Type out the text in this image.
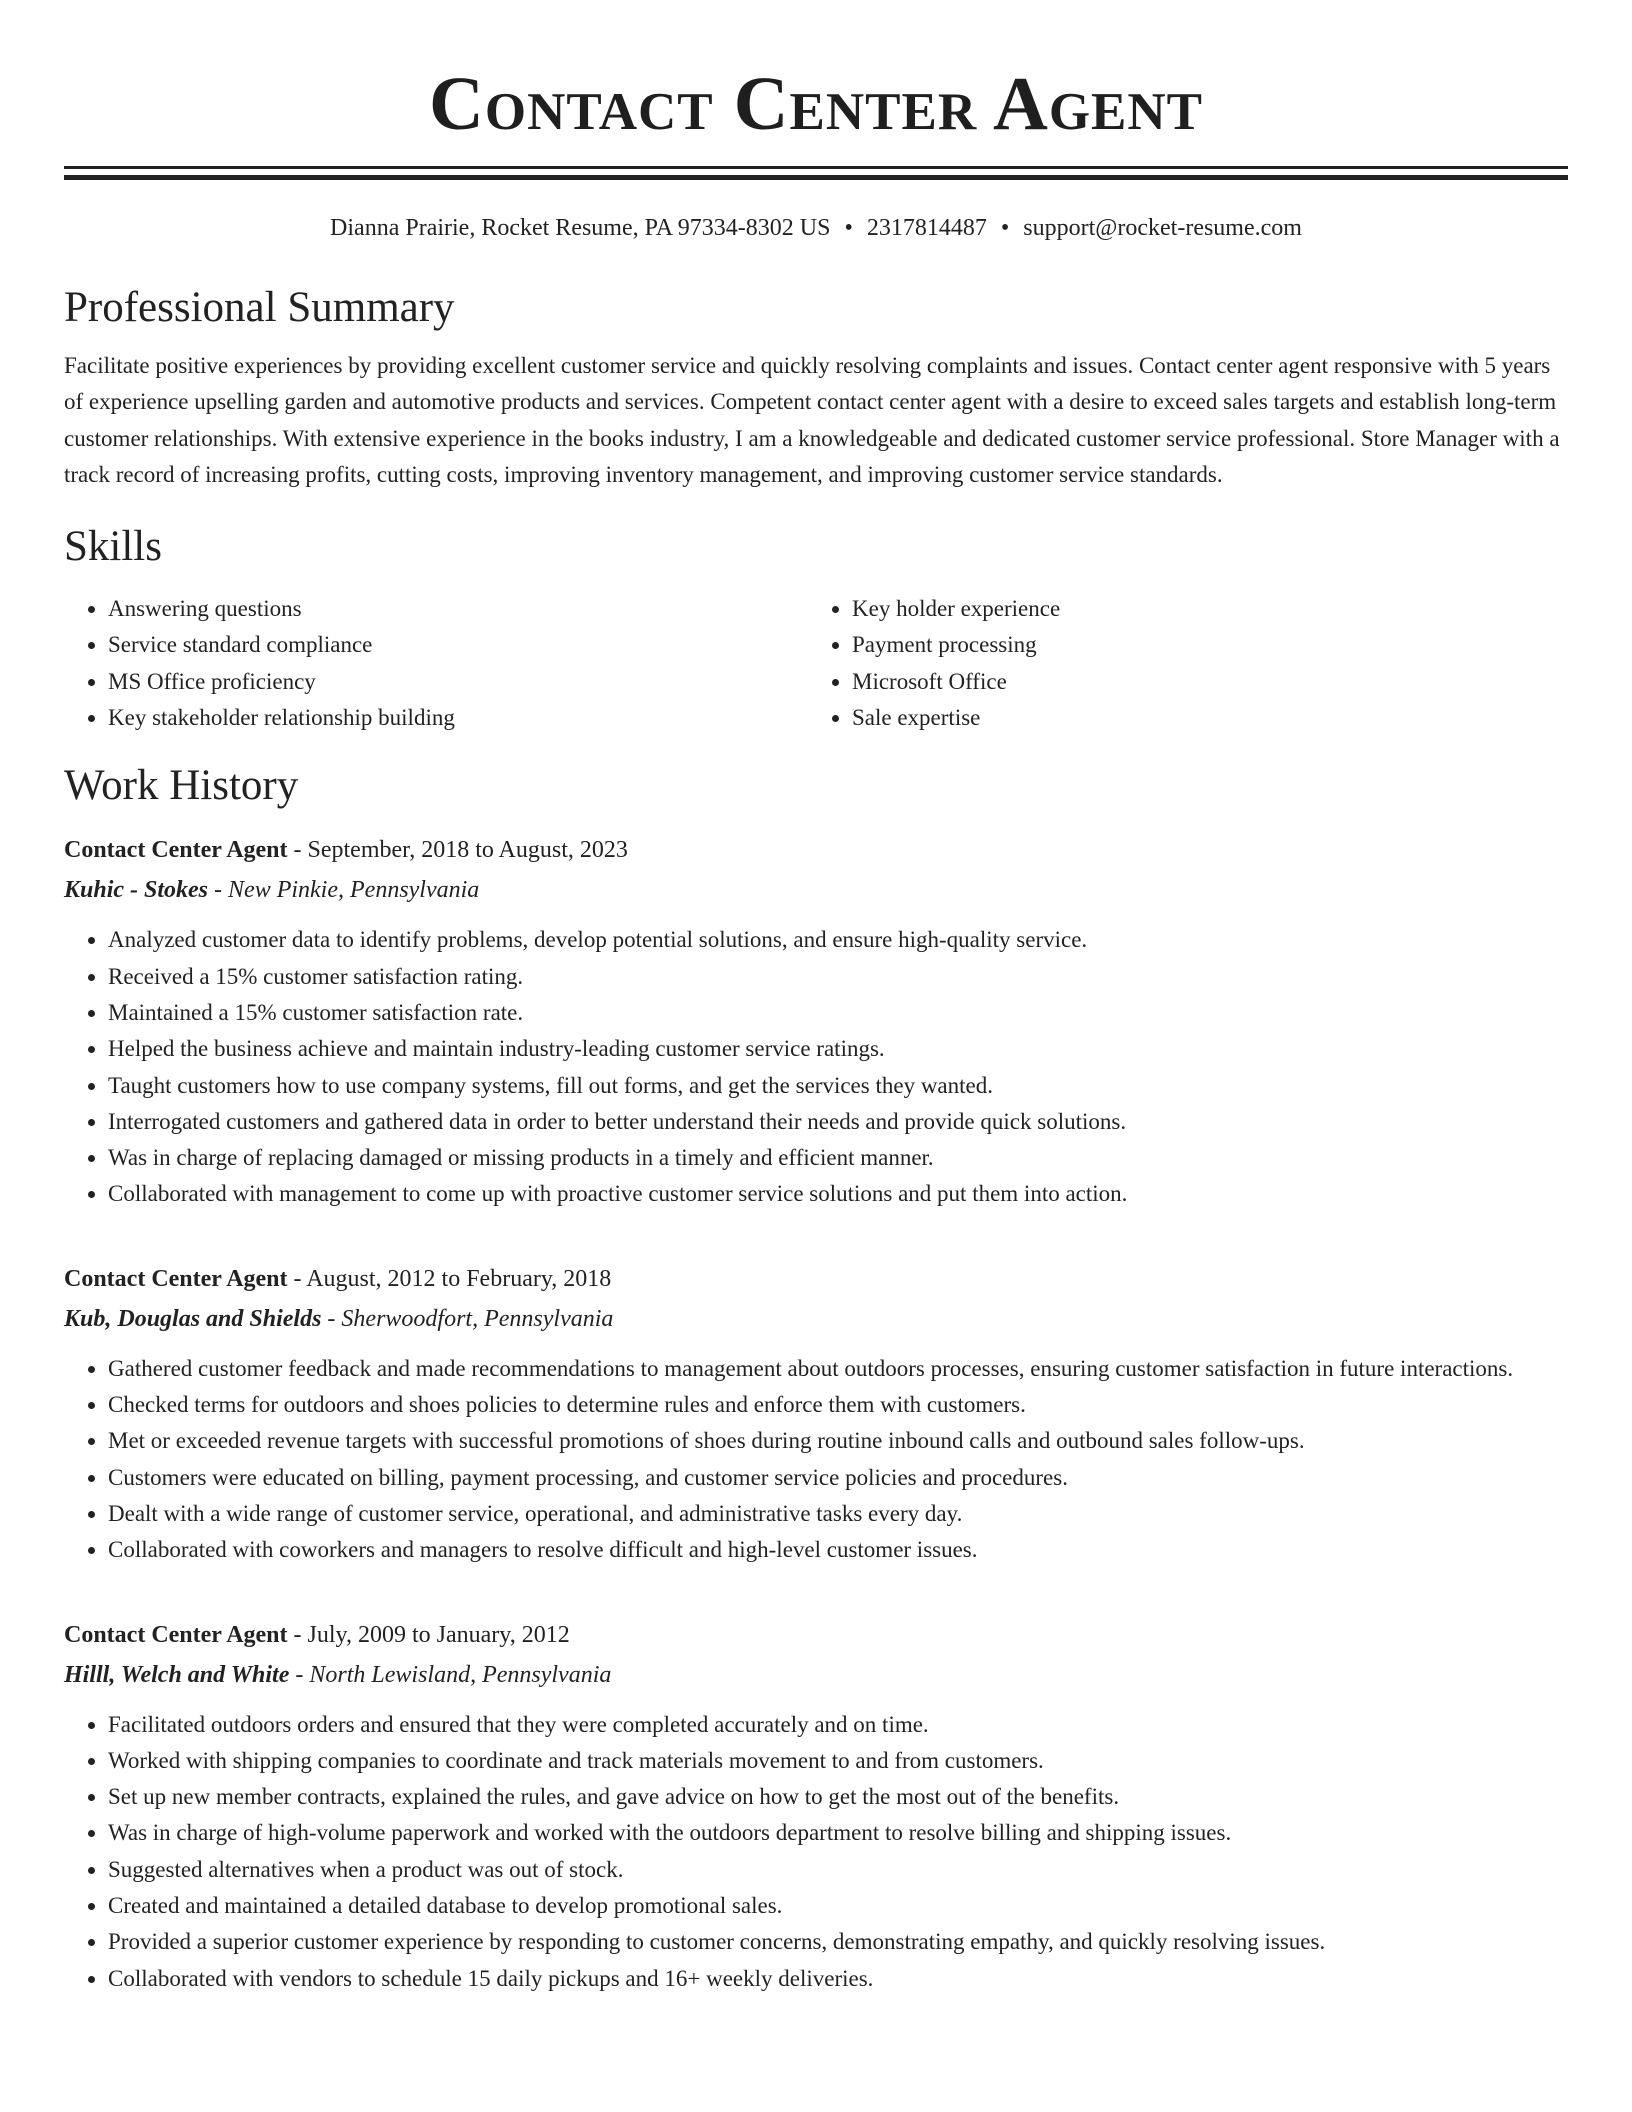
Contact Center Agent
Dianna Prairie, Rocket Resume, PA 97334-8302 US • 2317814487 • support@rocket-resume.com
Professional Summary

Facilitate positive experiences by providing excellent customer service and quickly resolving complaints and issues. Contact center agent responsive with 5 years of experience upselling garden and automotive products and services. Competent contact center agent with a desire to exceed sales targets and establish long-term customer relationships. With extensive experience in the books industry, I am a knowledgeable and dedicated customer service professional. Store Manager with a track record of increasing profits, cutting costs, improving inventory management, and improving customer service standards.

Skills
• Answering questions
• Service standard compliance
• MS Office proficiency
• Key stakeholder relationship building
• Key holder experience
• Payment processing
• Microsoft Office
• Sale expertise
Work History
Contact Center Agent - September, 2018 to August, 2023
Kuhic - Stokes - New Pinkie, Pennsylvania
• Analyzed customer data to identify problems, develop potential solutions, and ensure high-quality service.
• Received a 15% customer satisfaction rating.
• Maintained a 15% customer satisfaction rate.
• Helped the business achieve and maintain industry-leading customer service ratings.
• Taught customers how to use company systems, fill out forms, and get the services they wanted.
• Interrogated customers and gathered data in order to better understand their needs and provide quick solutions.
• Was in charge of replacing damaged or missing products in a timely and efficient manner.
• Collaborated with management to come up with proactive customer service solutions and put them into action.
Contact Center Agent - August, 2012 to February, 2018
Kub, Douglas and Shields - Sherwoodfort, Pennsylvania
• Gathered customer feedback and made recommendations to management about outdoors processes, ensuring customer satisfaction in future interactions.
• Checked terms for outdoors and shoes policies to determine rules and enforce them with customers.
• Met or exceeded revenue targets with successful promotions of shoes during routine inbound calls and outbound sales follow-ups.
• Customers were educated on billing, payment processing, and customer service policies and procedures.
• Dealt with a wide range of customer service, operational, and administrative tasks every day.
• Collaborated with coworkers and managers to resolve difficult and high-level customer issues.
Contact Center Agent - July, 2009 to January, 2012
Hilll, Welch and White - North Lewisland, Pennsylvania
• Facilitated outdoors orders and ensured that they were completed accurately and on time.
• Worked with shipping companies to coordinate and track materials movement to and from customers.
• Set up new member contracts, explained the rules, and gave advice on how to get the most out of the benefits.
• Was in charge of high-volume paperwork and worked with the outdoors department to resolve billing and shipping issues.
• Suggested alternatives when a product was out of stock.
• Created and maintained a detailed database to develop promotional sales.
• Provided a superior customer experience by responding to customer concerns, demonstrating empathy, and quickly resolving issues.
• Collaborated with vendors to schedule 15 daily pickups and 16+ weekly deliveries.
